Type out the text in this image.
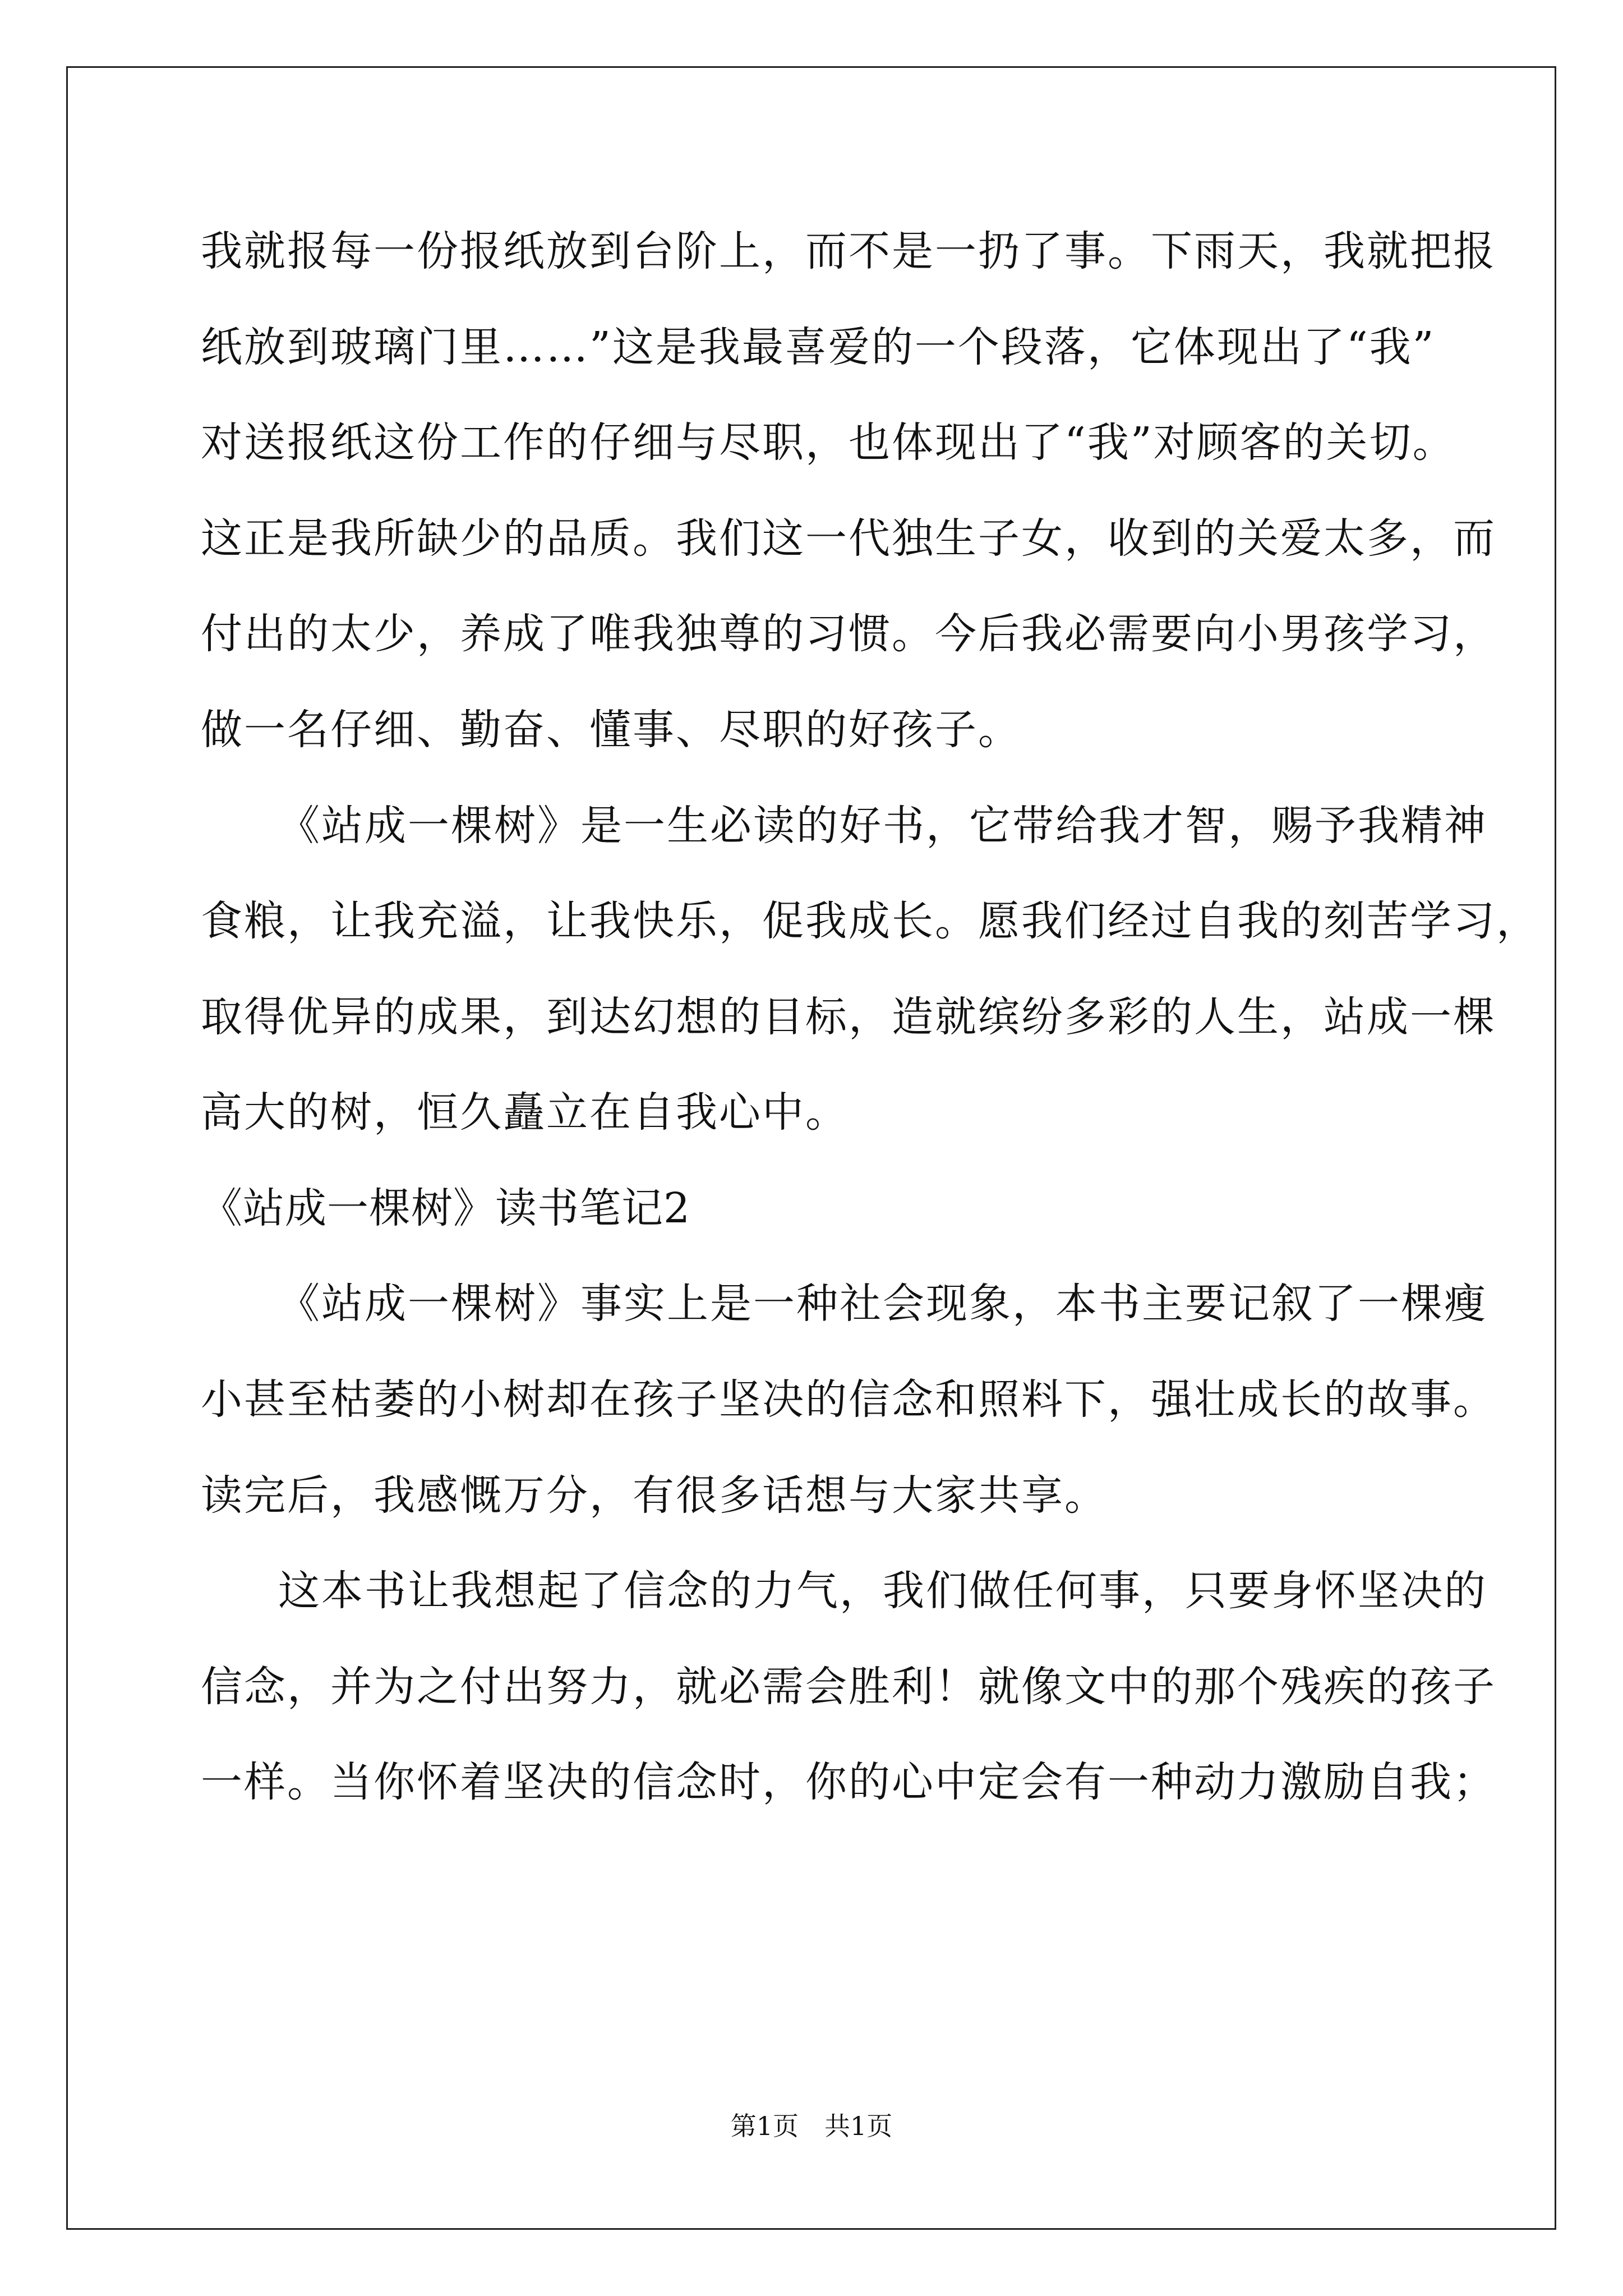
我就报每一份报纸放到台阶上，而不是一扔了事。下雨天，我就把报
纸放到玻璃门里……”这是我最喜爱的一个段落，它体现出了“我”
对送报纸这份工作的仔细与尽职，也体现出了“我”对顾客的关切。
这正是我所缺少的品质。我们这一代独生子女，收到的关爱太多，而
付出的太少，养成了唯我独尊的习惯。今后我必需要向小男孩学习，
做一名仔细、勤奋、懂事、尽职的好孩子。
《站成一棵树》是一生必读的好书，它带给我才智，赐予我精神
食粮，让我充溢，让我快乐，促我成长。愿我们经过自我的刻苦学习，
取得优异的成果，到达幻想的目标，造就缤纷多彩的人生，站成一棵
高大的树，恒久矗立在自我心中。
《站成一棵树》读书笔记2
《站成一棵树》事实上是一种社会现象，本书主要记叙了一棵瘦
小甚至枯萎的小树却在孩子坚决的信念和照料下，强壮成长的故事。
读完后，我感慨万分，有很多话想与大家共享。
这本书让我想起了信念的力气，我们做任何事，只要身怀坚决的
信念，并为之付出努力，就必需会胜利！就像文中的那个残疾的孩子
一样。当你怀着坚决的信念时，你的心中定会有一种动力激励自我；
第1页　共1页
